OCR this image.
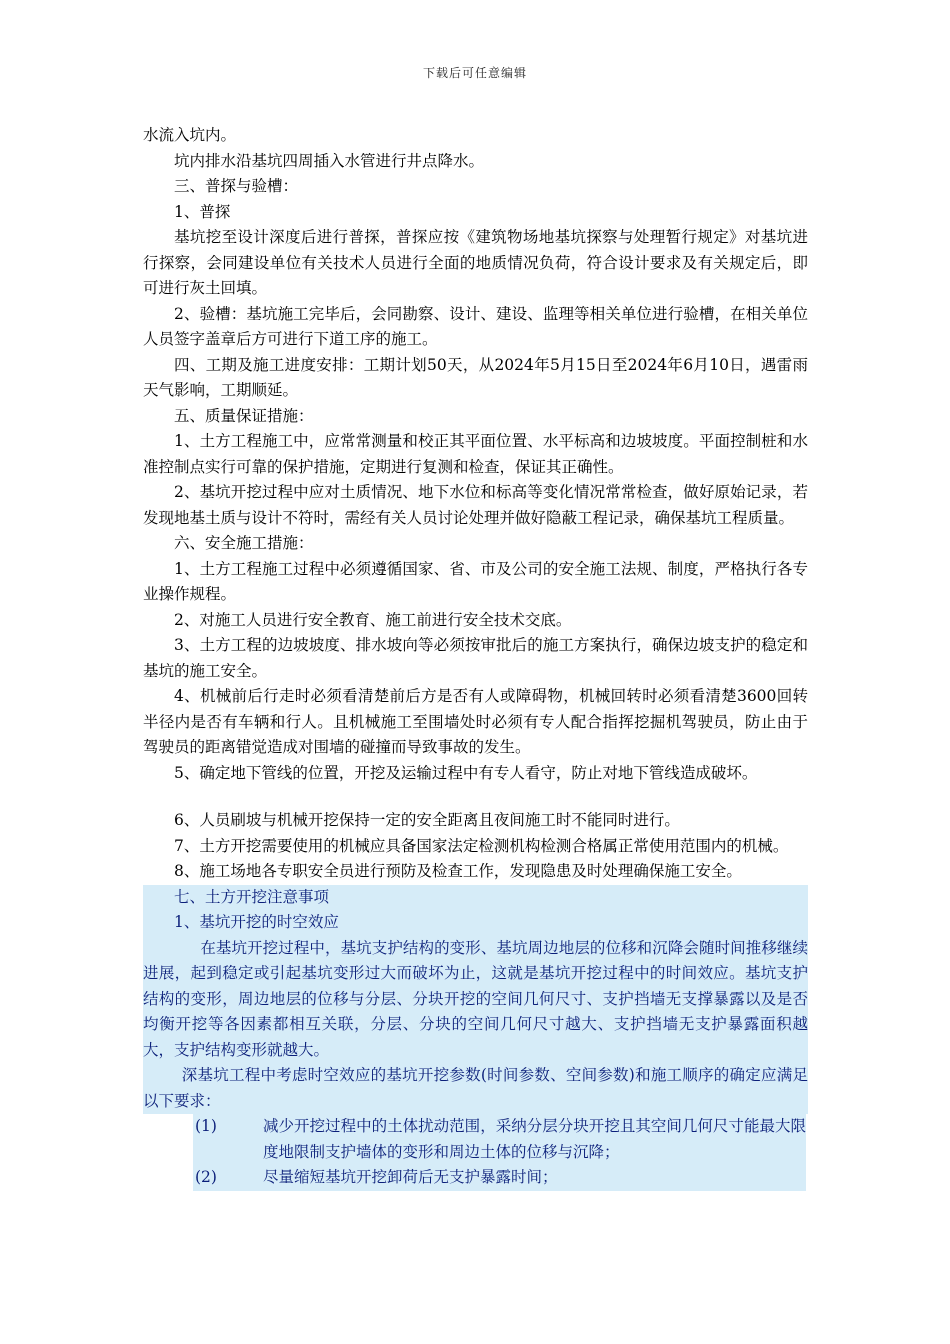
下载后可任意编辑

水流入坑内。

坑内排水沿基坑四周插入水管进行井点降水。

三、普探与验槽：

1、普探

基坑挖至设计深度后进行普探，普探应按《建筑物场地基坑探察与处理暂行规定》对基坑进行探察，会同建设单位有关技术人员进行全面的地质情况负荷，符合设计要求及有关规定后，即可进行灰土回填。

2、验槽：基坑施工完毕后，会同勘察、设计、建设、监理等相关单位进行验槽，在相关单位人员签字盖章后方可进行下道工序的施工。

四、工期及施工进度安排：工期计划50天，从2024年5月15日至2024年6月10日，遇雷雨天气影响，工期顺延。

五、质量保证措施：

1、土方工程施工中，应常常测量和校正其平面位置、水平标高和边坡坡度。平面控制桩和水准控制点实行可靠的保护措施，定期进行复测和检查，保证其正确性。

2、基坑开挖过程中应对土质情况、地下水位和标高等变化情况常常检查，做好原始记录，若发现地基土质与设计不符时，需经有关人员讨论处理并做好隐蔽工程记录，确保基坑工程质量。

六、安全施工措施：

1、土方工程施工过程中必须遵循国家、省、市及公司的安全施工法规、制度，严格执行各专业操作规程。

2、对施工人员进行安全教育、施工前进行安全技术交底。

3、土方工程的边坡坡度、排水坡向等必须按审批后的施工方案执行，确保边坡支护的稳定和基坑的施工安全。

4、机械前后行走时必须看清楚前后方是否有人或障碍物，机械回转时必须看清楚3600回转半径内是否有车辆和行人。且机械施工至围墙处时必须有专人配合指挥挖掘机驾驶员，防止由于驾驶员的距离错觉造成对围墙的碰撞而导致事故的发生。

5、确定地下管线的位置，开挖及运输过程中有专人看守，防止对地下管线造成破坏。

6、人员刷坡与机械开挖保持一定的安全距离且夜间施工时不能同时进行。

7、土方开挖需要使用的机械应具备国家法定检测机构检测合格属正常使用范围内的机械。

8、施工场地各专职安全员进行预防及检查工作，发现隐患及时处理确保施工安全。

七、土方开挖注意事项

1、基坑开挖的时空效应

在基坑开挖过程中，基坑支护结构的变形、基坑周边地层的位移和沉降会随时间推移继续进展，起到稳定或引起基坑变形过大而破坏为止，这就是基坑开挖过程中的时间效应。基坑支护结构的变形，周边地层的位移与分层、分块开挖的空间几何尺寸、支护挡墙无支撑暴露以及是否均衡开挖等各因素都相互关联，分层、分块的空间几何尺寸越大、支护挡墙无支护暴露面积越大，支护结构变形就越大。

深基坑工程中考虑时空效应的基坑开挖参数(时间参数、空间参数)和施工顺序的确定应满足以下要求：

(1)	减少开挖过程中的土体扰动范围，采纳分层分块开挖且其空间几何尺寸能最大限度地限制支护墙体的变形和周边土体的位移与沉降；
(2)	尽量缩短基坑开挖卸荷后无支护暴露时间；
